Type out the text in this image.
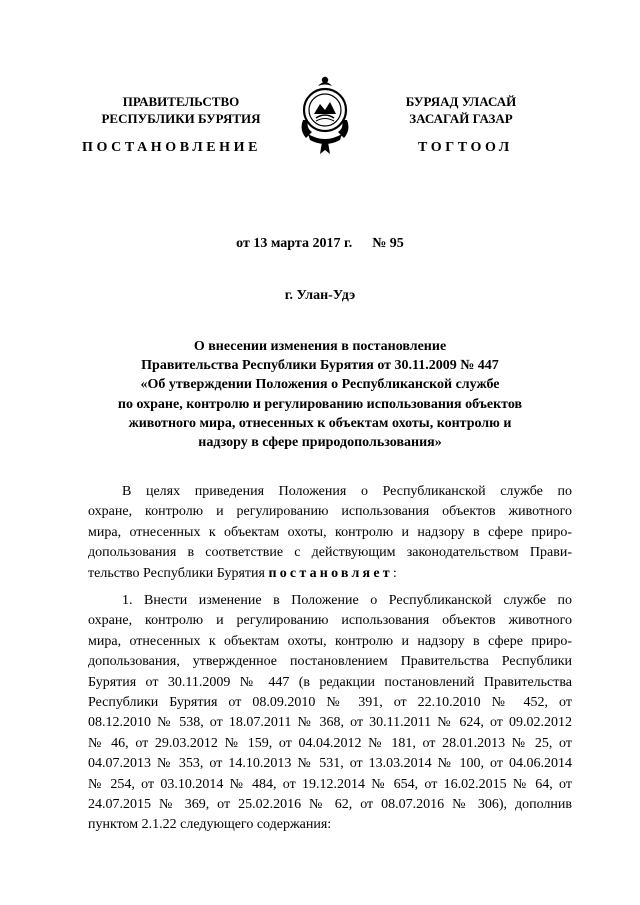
ПРАВИТЕЛЬСТВО
РЕСПУБЛИКИ БУРЯТИЯ
БУРЯАД УЛАСАЙ
ЗАСАГАЙ ГАЗАР
ПОСТАНОВЛЕНИЕ	ТОГТООЛ
от 13 марта 2017 г. № 95
г. Улан-Удэ
О внесении изменения в постановление
Правительства Республики Бурятия от 30.11.2009 № 447
«Об утверждении Положения о Республиканской службе
по охране, контролю и регулированию использования объектов
животного мира, отнесенных к объектам охоты, контролю и
надзору в сфере природопользования»
В целях приведения Положения о Республиканской службе по
охране, контролю и регулированию использования объектов животного
мира, отнесенных к объектам охоты, контролю и надзору в сфере приро-
допользования в соответствие с действующим законодательством Прави-
тельство Республики Бурятия постановляет:
1. Внести изменение в Положение о Республиканской службе по
охране, контролю и регулированию использования объектов животного
мира, отнесенных к объектам охоты, контролю и надзору в сфере приро-
допользования, утвержденное постановлением Правительства Республики
Бурятия от 30.11.2009 № 447 (в редакции постановлений Правительства
Республики Бурятия от 08.09.2010 № 391, от 22.10.2010 № 452, от
08.12.2010 № 538, от 18.07.2011 № 368, от 30.11.2011 № 624, от 09.02.2012
№ 46, от 29.03.2012 № 159, от 04.04.2012 № 181, от 28.01.2013 № 25, от
04.07.2013 № 353, от 14.10.2013 № 531, от 13.03.2014 № 100, от 04.06.2014
№ 254, от 03.10.2014 № 484, от 19.12.2014 № 654, от 16.02.2015 № 64, от
24.07.2015 № 369, от 25.02.2016 № 62, от 08.07.2016 № 306), дополнив
пунктом 2.1.22 следующего содержания:
